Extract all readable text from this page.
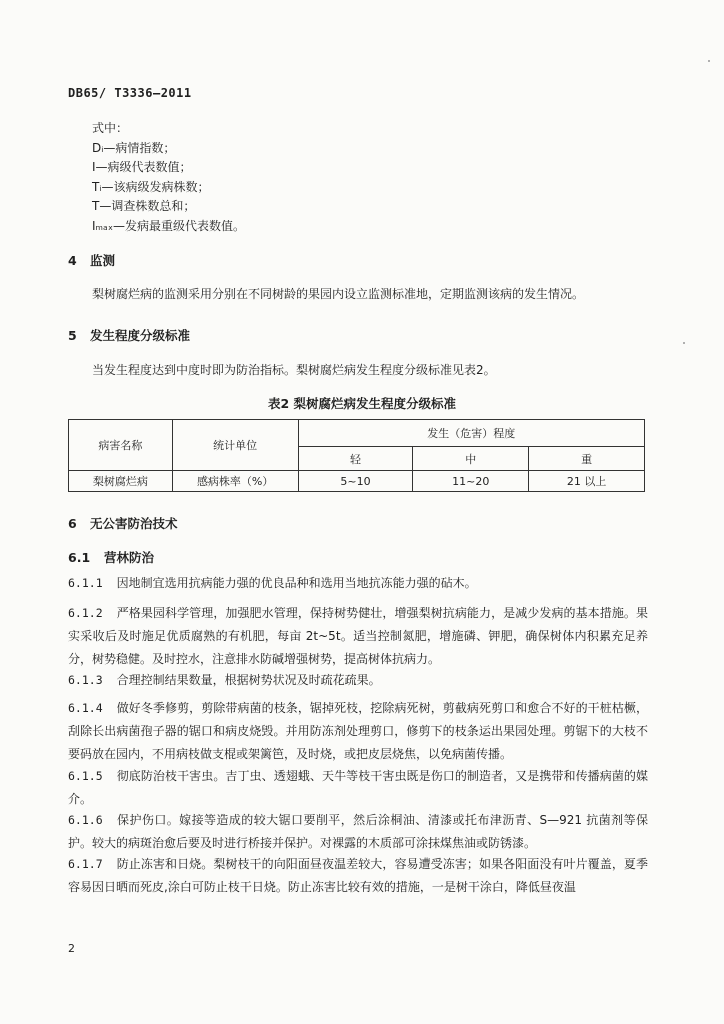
DB65/ T3336—2011
式中：
Dᵢ—病情指数；
I—病级代表数值；
Tᵢ—该病级发病株数；
T—调查株数总和；
Iₘₐₓ—发病最重级代表数值。
4 监测
梨树腐烂病的监测采用分别在不同树龄的果园内设立监测标准地，定期监测该病的发生情况。
5 发生程度分级标准
当发生程度达到中度时即为防治指标。梨树腐烂病发生程度分级标准见表2。
表2 梨树腐烂病发生程度分级标准
病害名称	统计单位	发生（危害）程度		
		轻	中	重
梨树腐烂病	感病株率（%）	5~10	11~20	21 以上
6 无公害防治技术
6.1 营林防治
6.1.1 因地制宜选用抗病能力强的优良品种和选用当地抗冻能力强的砧木。
6.1.2 严格果园科学管理，加强肥水管理，保持树势健壮，增强梨树抗病能力，是减少发病的基本措施。果实采收后及时施足优质腐熟的有机肥，每亩 2t~5t。适当控制氮肥，增施磷、钾肥，确保树体内积累充足养分，树势稳健。及时控水，注意排水防碱增强树势，提高树体抗病力。
6.1.3 合理控制结果数量，根据树势状况及时疏花疏果。
6.1.4 做好冬季修剪，剪除带病菌的枝条，锯掉死枝，挖除病死树，剪截病死剪口和愈合不好的干桩枯橛，刮除长出病菌孢子器的锯口和病皮烧毁。并用防冻剂处理剪口，修剪下的枝条运出果园处理。剪锯下的大枝不要码放在园内，不用病枝做支棍或架篱笆，及时烧，或把皮层烧焦，以免病菌传播。
6.1.5 彻底防治枝干害虫。吉丁虫、透翅蛾、天牛等枝干害虫既是伤口的制造者，又是携带和传播病菌的媒介。
6.1.6 保护伤口。嫁接等造成的较大锯口要削平，然后涂桐油、清漆或托布津沥青、S—921 抗菌剂等保护。较大的病斑治愈后要及时进行桥接并保护。对裸露的木质部可涂抹煤焦油或防锈漆。
6.1.7 防止冻害和日烧。梨树枝干的向阳面昼夜温差较大，容易遭受冻害；如果各阳面没有叶片覆盖，夏季容易因日晒而死皮,涂白可防止枝干日烧。防止冻害比较有效的措施，一是树干涂白，降低昼夜温
2
